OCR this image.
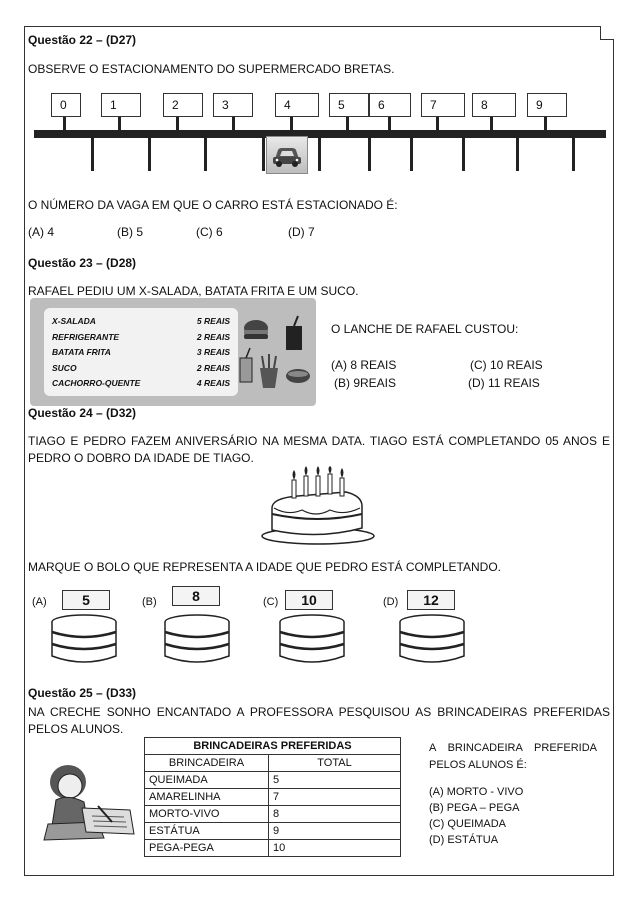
Questão 22 – (D27)
OBSERVE O ESTACIONAMENTO DO SUPERMERCADO BRETAS.
0	1	2	3	4	5	6	7	8	9
O NÚMERO DA VAGA EM QUE O CARRO ESTÁ ESTACIONADO É:
(A) 4	(B) 5	(C) 6	(D) 7
Questão 23 – (D28)
RAFAEL PEDIU UM X-SALADA, BATATA FRITA E UM SUCO.
X-SALADA	5 REAIS
REFRIGERANTE	2 REAIS
BATATA FRITA	3 REAIS
SUCO	2 REAIS
CACHORRO-QUENTE	4 REAIS
O LANCHE DE RAFAEL CUSTOU:
(A) 8 REAIS	(C) 10 REAIS
(B) 9REAIS	(D) 11 REAIS
Questão 24 – (D32)
TIAGO E PEDRO FAZEM ANIVERSÁRIO NA MESMA DATA. TIAGO ESTÁ COMPLETANDO 05 ANOS E PEDRO O DOBRO DA IDADE DE TIAGO.
MARQUE O BOLO QUE REPRESENTA A IDADE QUE PEDRO ESTÁ COMPLETANDO.
(A)	5	(B)	8	(C)	10	(D)	12
Questão 25 – (D33)
NA CRECHE SONHO ENCANTADO A PROFESSORA PESQUISOU AS BRINCADEIRAS PREFERIDAS PELOS ALUNOS.
BRINCADEIRAS PREFERIDAS	
BRINCADEIRA	TOTAL
QUEIMADA	5
AMARELINHA	7
MORTO-VIVO	8
ESTÁTUA	9
PEGA-PEGA	10
A BRINCADEIRA PREFERIDA PELOS ALUNOS É:
(A) MORTO - VIVO
(B) PEGA – PEGA
(C) QUEIMADA
(D) ESTÁTUA
